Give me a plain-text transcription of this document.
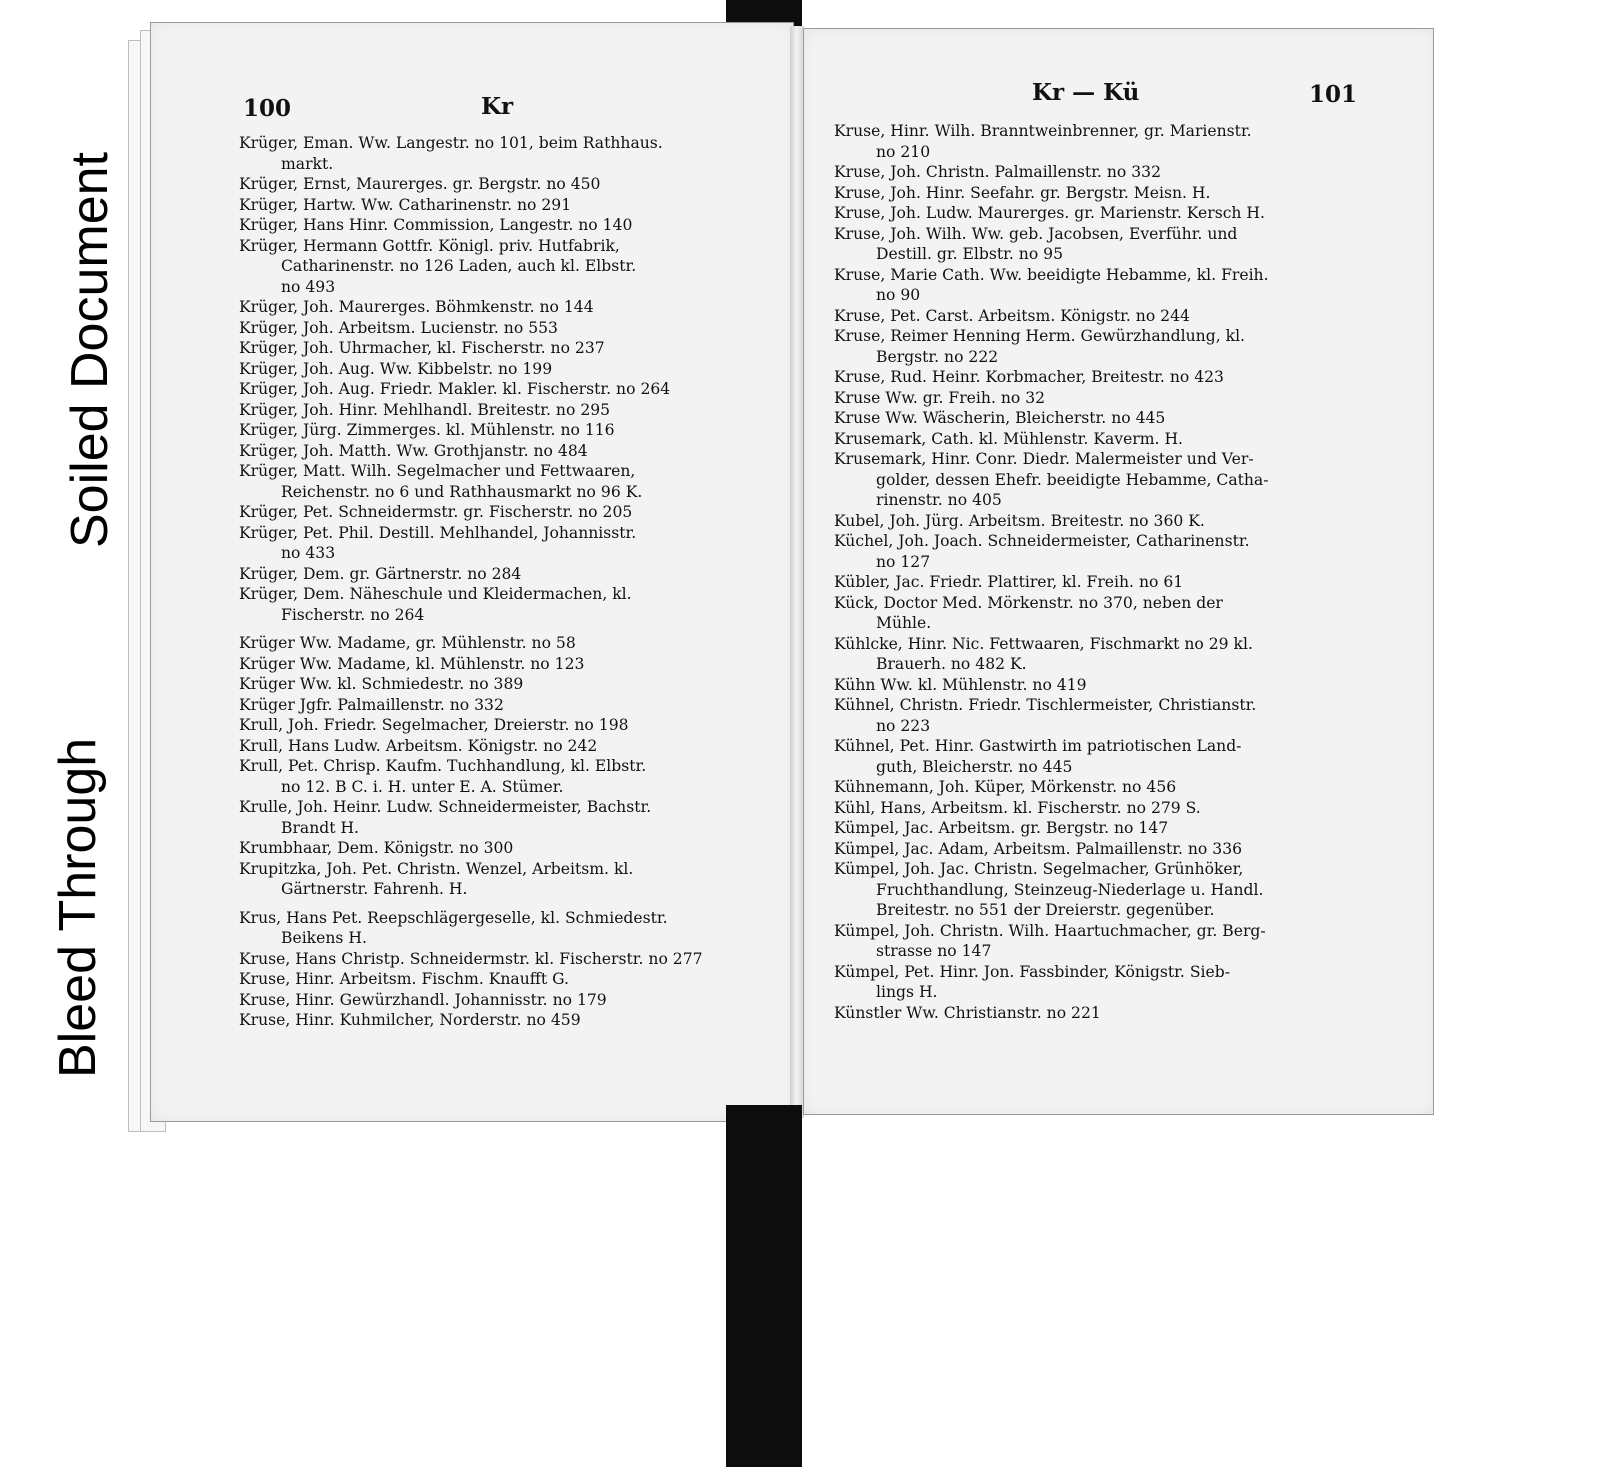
Soiled Document
Bleed Through
100	Kr
Krüger, Eman. Ww. Langestr. no 101, beim Rathhaus.
markt.
Krüger, Ernst, Maurerges. gr. Bergstr. no 450
Krüger, Hartw. Ww. Catharinenstr. no 291
Krüger, Hans Hinr. Commission, Langestr. no 140
Krüger, Hermann Gottfr. Königl. priv. Hutfabrik,
Catharinenstr. no 126 Laden, auch kl. Elbstr.
no 493
Krüger, Joh. Maurerges. Böhmkenstr. no 144
Krüger, Joh. Arbeitsm. Lucienstr. no 553
Krüger, Joh. Uhrmacher, kl. Fischerstr. no 237
Krüger, Joh. Aug. Ww. Kibbelstr. no 199
Krüger, Joh. Aug. Friedr. Makler. kl. Fischerstr. no 264
Krüger, Joh. Hinr. Mehlhandl. Breitestr. no 295
Krüger, Jürg. Zimmerges. kl. Mühlenstr. no 116
Krüger, Joh. Matth. Ww. Grothjanstr. no 484
Krüger, Matt. Wilh. Segelmacher und Fettwaaren,
Reichenstr. no 6 und Rathhausmarkt no 96 K.
Krüger, Pet. Schneidermstr. gr. Fischerstr. no 205
Krüger, Pet. Phil. Destill. Mehlhandel, Johannisstr.
no 433
Krüger, Dem. gr. Gärtnerstr. no 284
Krüger, Dem. Näheschule und Kleidermachen, kl.
Fischerstr. no 264
Krüger Ww. Madame, gr. Mühlenstr. no 58
Krüger Ww. Madame, kl. Mühlenstr. no 123
Krüger Ww. kl. Schmiedestr. no 389
Krüger Jgfr. Palmaillenstr. no 332
Krull, Joh. Friedr. Segelmacher, Dreierstr. no 198
Krull, Hans Ludw. Arbeitsm. Königstr. no 242
Krull, Pet. Chrisp. Kaufm. Tuchhandlung, kl. Elbstr.
no 12. B C. i. H. unter E. A. Stümer.
Krulle, Joh. Heinr. Ludw. Schneidermeister, Bachstr.
Brandt H.
Krumbhaar, Dem. Königstr. no 300
Krupitzka, Joh. Pet. Christn. Wenzel, Arbeitsm. kl.
Gärtnerstr. Fahrenh. H.
Krus, Hans Pet. Reepschlägergeselle, kl. Schmiedestr.
Beikens H.
Kruse, Hans Christp. Schneidermstr. kl. Fischerstr. no 277
Kruse, Hinr. Arbeitsm. Fischm. Knaufft G.
Kruse, Hinr. Gewürzhandl. Johannisstr. no 179
Kruse, Hinr. Kuhmilcher, Norderstr. no 459
Kr — Kü	101
Kruse, Hinr. Wilh. Branntweinbrenner, gr. Marienstr.
no 210
Kruse, Joh. Christn. Palmaillenstr. no 332
Kruse, Joh. Hinr. Seefahr. gr. Bergstr. Meisn. H.
Kruse, Joh. Ludw. Maurerges. gr. Marienstr. Kersch H.
Kruse, Joh. Wilh. Ww. geb. Jacobsen, Everführ. und
Destill. gr. Elbstr. no 95
Kruse, Marie Cath. Ww. beeidigte Hebamme, kl. Freih.
no 90
Kruse, Pet. Carst. Arbeitsm. Königstr. no 244
Kruse, Reimer Henning Herm. Gewürzhandlung, kl.
Bergstr. no 222
Kruse, Rud. Heinr. Korbmacher, Breitestr. no 423
Kruse Ww. gr. Freih. no 32
Kruse Ww. Wäscherin, Bleicherstr. no 445
Krusemark, Cath. kl. Mühlenstr. Kaverm. H.
Krusemark, Hinr. Conr. Diedr. Malermeister und Ver-
golder, dessen Ehefr. beeidigte Hebamme, Catha-
rinenstr. no 405
Kubel, Joh. Jürg. Arbeitsm. Breitestr. no 360 K.
Küchel, Joh. Joach. Schneidermeister, Catharinenstr.
no 127
Kübler, Jac. Friedr. Plattirer, kl. Freih. no 61
Kück, Doctor Med. Mörkenstr. no 370, neben der
Mühle.
Kühlcke, Hinr. Nic. Fettwaaren, Fischmarkt no 29 kl.
Brauerh. no 482 K.
Kühn Ww. kl. Mühlenstr. no 419
Kühnel, Christn. Friedr. Tischlermeister, Christianstr.
no 223
Kühnel, Pet. Hinr. Gastwirth im patriotischen Land-
guth, Bleicherstr. no 445
Kühnemann, Joh. Küper, Mörkenstr. no 456
Kühl, Hans, Arbeitsm. kl. Fischerstr. no 279 S.
Kümpel, Jac. Arbeitsm. gr. Bergstr. no 147
Kümpel, Jac. Adam, Arbeitsm. Palmaillenstr. no 336
Kümpel, Joh. Jac. Christn. Segelmacher, Grünhöker,
Fruchthandlung, Steinzeug-Niederlage u. Handl.
Breitestr. no 551 der Dreierstr. gegenüber.
Kümpel, Joh. Christn. Wilh. Haartuchmacher, gr. Berg-
strasse no 147
Kümpel, Pet. Hinr. Jon. Fassbinder, Königstr. Sieb-
lings H.
Künstler Ww. Christianstr. no 221
